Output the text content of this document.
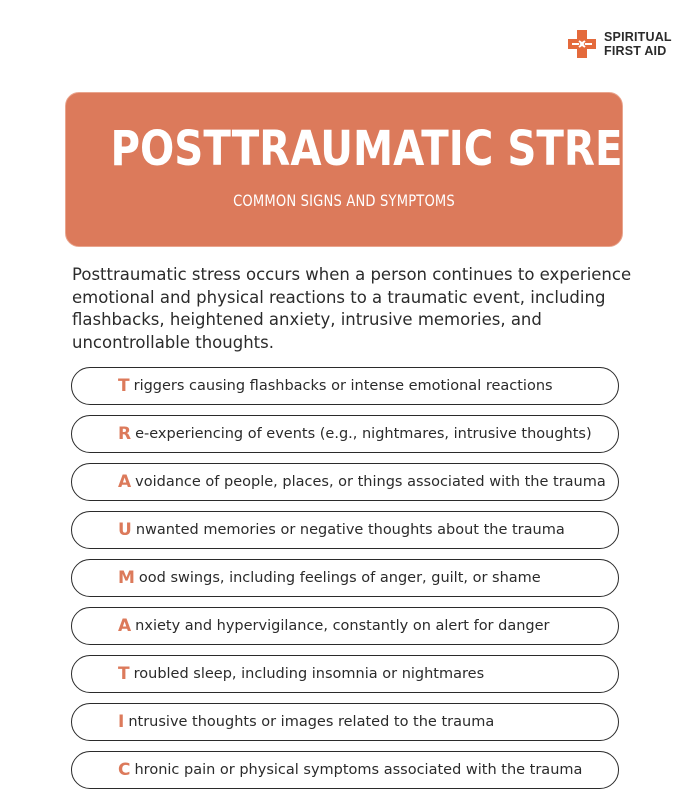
SPIRITUAL
FIRST AID
POSTTRAUMATIC STRESS
COMMON SIGNS AND SYMPTOMS

Posttraumatic stress occurs when a person continues to experience emotional and physical reactions to a traumatic event, including flashbacks, heightened anxiety, intrusive memories, and uncontrollable thoughts.

T riggers causing flashbacks or intense emotional reactions
R e-experiencing of events (e.g., nightmares, intrusive thoughts)
A voidance of people, places, or things associated with the trauma
U nwanted memories or negative thoughts about the trauma
M ood swings, including feelings of anger, guilt, or shame
A nxiety and hypervigilance, constantly on alert for danger
T roubled sleep, including insomnia or nightmares
I ntrusive thoughts or images related to the trauma
C hronic pain or physical symptoms associated with the trauma
